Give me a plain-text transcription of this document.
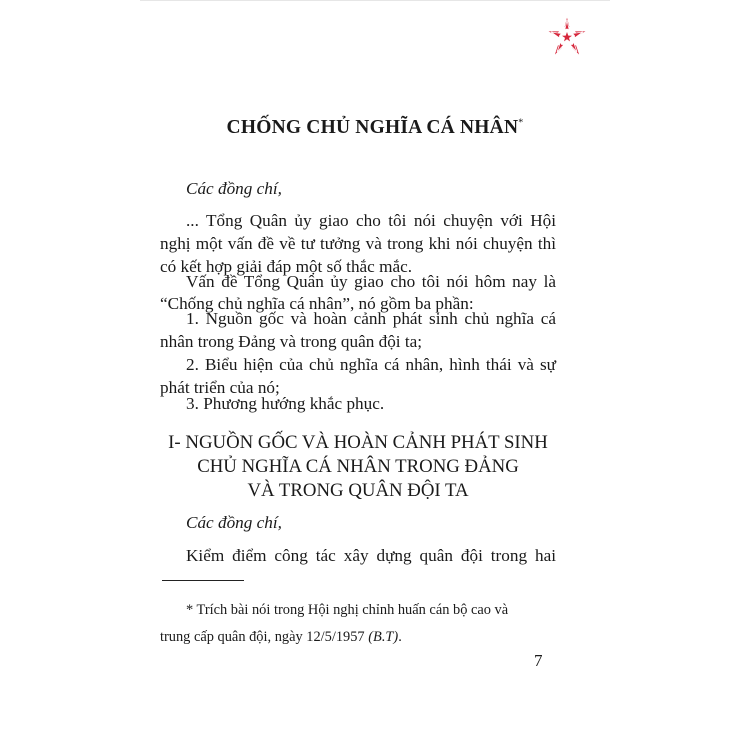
CHỐNG CHỦ NGHĨA CÁ NHÂN*
Các đồng chí,
... Tổng Quân ủy giao cho tôi nói chuyện với Hội
nghị một vấn đề về tư tưởng và trong khi nói chuyện thì
có kết hợp giải đáp một số thắc mắc.
Vấn đề Tổng Quân ủy giao cho tôi nói hôm nay là
“Chống chủ nghĩa cá nhân”, nó gồm ba phần:
1. Nguồn gốc và hoàn cảnh phát sinh chủ nghĩa cá
nhân trong Đảng và trong quân đội ta;
2. Biểu hiện của chủ nghĩa cá nhân, hình thái và sự
phát triển của nó;
3. Phương hướng khắc phục.
I- NGUỒN GỐC VÀ HOÀN CẢNH PHÁT SINH
CHỦ NGHĨA CÁ NHÂN TRONG ĐẢNG
VÀ TRONG QUÂN ĐỘI TA
Các đồng chí,
Kiểm điểm công tác xây dựng quân đội trong hai
* Trích bài nói trong Hội nghị chỉnh huấn cán bộ cao và
trung cấp quân đội, ngày 12/5/1957 (B.T).
7
